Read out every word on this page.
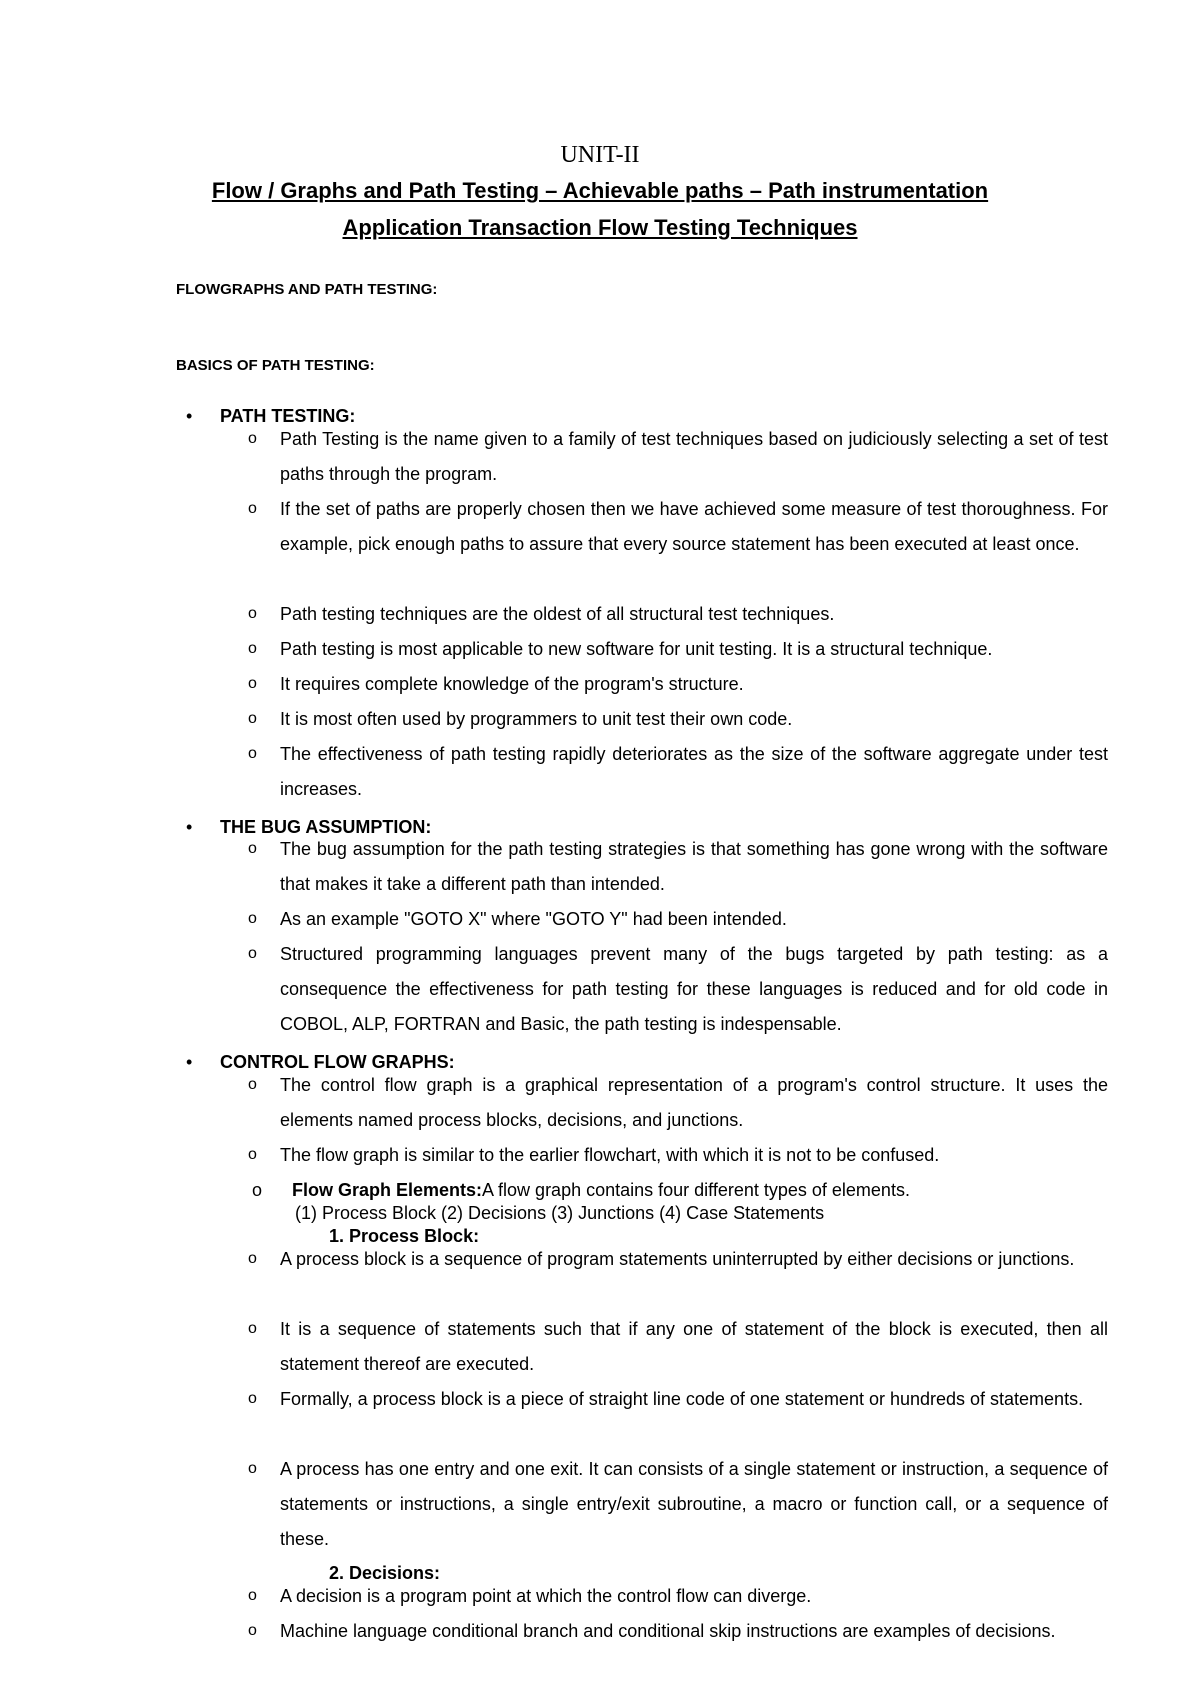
UNIT-II
Flow / Graphs and Path Testing – Achievable paths – Path instrumentation
Application Transaction Flow Testing Techniques
FLOWGRAPHS AND PATH TESTING:
BASICS OF PATH TESTING:
•	PATH TESTING:
o	Path Testing is the name given to a family of test techniques based on judiciously selecting a set of test paths through the program.
o	If the set of paths are properly chosen then we have achieved some measure of test thoroughness. For example, pick enough paths to assure that every source statement has been executed at least once.
o	Path testing techniques are the oldest of all structural test techniques.
o	Path testing is most applicable to new software for unit testing. It is a structural technique.
o	It requires complete knowledge of the program's structure.
o	It is most often used by programmers to unit test their own code.
o	The effectiveness of path testing rapidly deteriorates as the size of the software aggregate under test increases.
•	THE BUG ASSUMPTION:
o	The bug assumption for the path testing strategies is that something has gone wrong with the software that makes it take a different path than intended.
o	As an example "GOTO X" where "GOTO Y" had been intended.
o	Structured programming languages prevent many of the bugs targeted by path testing: as a consequence the effectiveness for path testing for these languages is reduced and for old code in COBOL, ALP, FORTRAN and Basic, the path testing is indespensable.
•	CONTROL FLOW GRAPHS:
o	The control flow graph is a graphical representation of a program's control structure. It uses the elements named process blocks, decisions, and junctions.
o	The flow graph is similar to the earlier flowchart, with which it is not to be confused.
o Flow Graph Elements:A flow graph contains four different types of elements.
(1) Process Block (2) Decisions (3) Junctions (4) Case Statements
1. Process Block:
o	A process block is a sequence of program statements uninterrupted by either decisions or junctions.
o	It is a sequence of statements such that if any one of statement of the block is executed, then all statement thereof are executed.
o	Formally, a process block is a piece of straight line code of one statement or hundreds of statements.
o	A process has one entry and one exit. It can consists of a single statement or instruction, a sequence of statements or instructions, a single entry/exit subroutine, a macro or function call, or a sequence of these.
2. Decisions:
o	A decision is a program point at which the control flow can diverge.
o	Machine language conditional branch and conditional skip instructions are examples of decisions.
